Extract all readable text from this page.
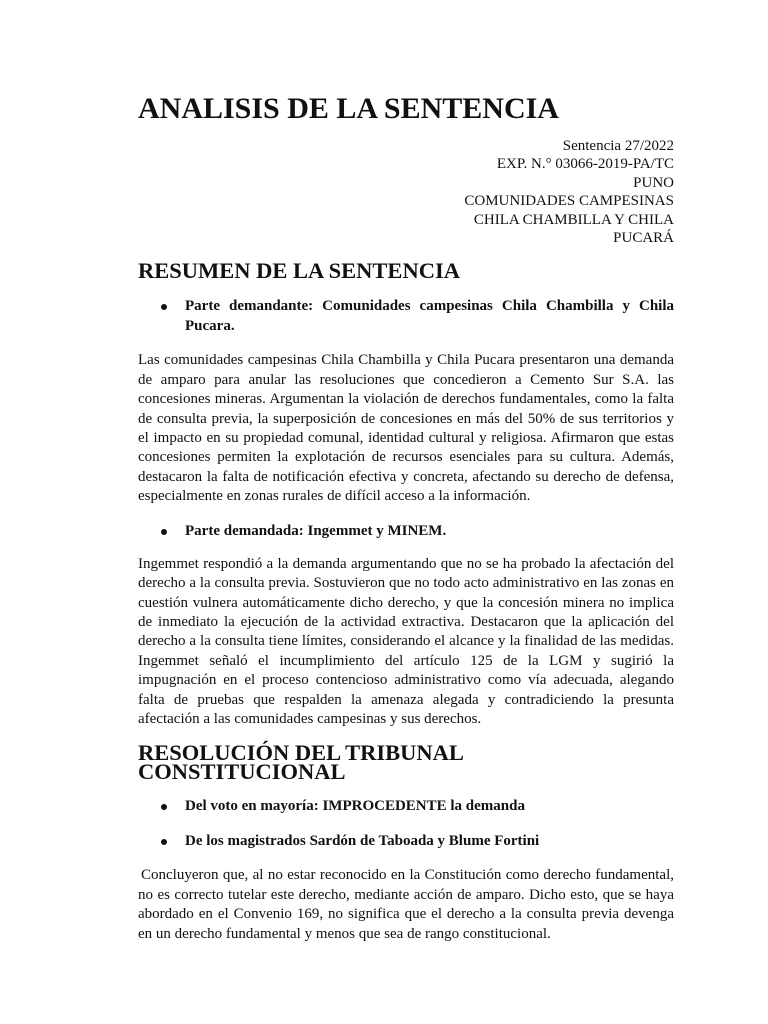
ANALISIS DE LA SENTENCIA
Sentencia 27/2022
EXP. N.° 03066-2019-PA/TC
PUNO
COMUNIDADES CAMPESINAS
CHILA CHAMBILLA Y CHILA
PUCARÁ
RESUMEN DE LA SENTENCIA
Parte demandante: Comunidades campesinas Chila Chambilla y Chila Pucara.

Las comunidades campesinas Chila Chambilla y Chila Pucara presentaron una demanda de amparo para anular las resoluciones que concedieron a Cemento Sur S.A. las concesiones mineras. Argumentan la violación de derechos fundamentales, como la falta de consulta previa, la superposición de concesiones en más del 50% de sus territorios y el impacto en su propiedad comunal, identidad cultural y religiosa. Afirmaron que estas concesiones permiten la explotación de recursos esenciales para su cultura. Además, destacaron la falta de notificación efectiva y concreta, afectando su derecho de defensa, especialmente en zonas rurales de difícil acceso a la información.

Parte demandada: Ingemmet y MINEM.

Ingemmet respondió a la demanda argumentando que no se ha probado la afectación del derecho a la consulta previa. Sostuvieron que no todo acto administrativo en las zonas en cuestión vulnera automáticamente dicho derecho, y que la concesión minera no implica de inmediato la ejecución de la actividad extractiva. Destacaron que la aplicación del derecho a la consulta tiene límites, considerando el alcance y la finalidad de las medidas. Ingemmet señaló el incumplimiento del artículo 125 de la LGM y sugirió la impugnación en el proceso contencioso administrativo como vía adecuada, alegando falta de pruebas que respalden la amenaza alegada y contradiciendo la presunta afectación a las comunidades campesinas y sus derechos.

RESOLUCIÓN DEL TRIBUNAL CONSTITUCIONAL
Del voto en mayoría: IMPROCEDENTE la demanda
De los magistrados Sardón de Taboada y Blume Fortini

Concluyeron que, al no estar reconocido en la Constitución como derecho fundamental, no es correcto tutelar este derecho, mediante acción de amparo. Dicho esto, que se haya abordado en el Convenio 169, no significa que el derecho a la consulta previa devenga en un derecho fundamental y menos que sea de rango constitucional.
